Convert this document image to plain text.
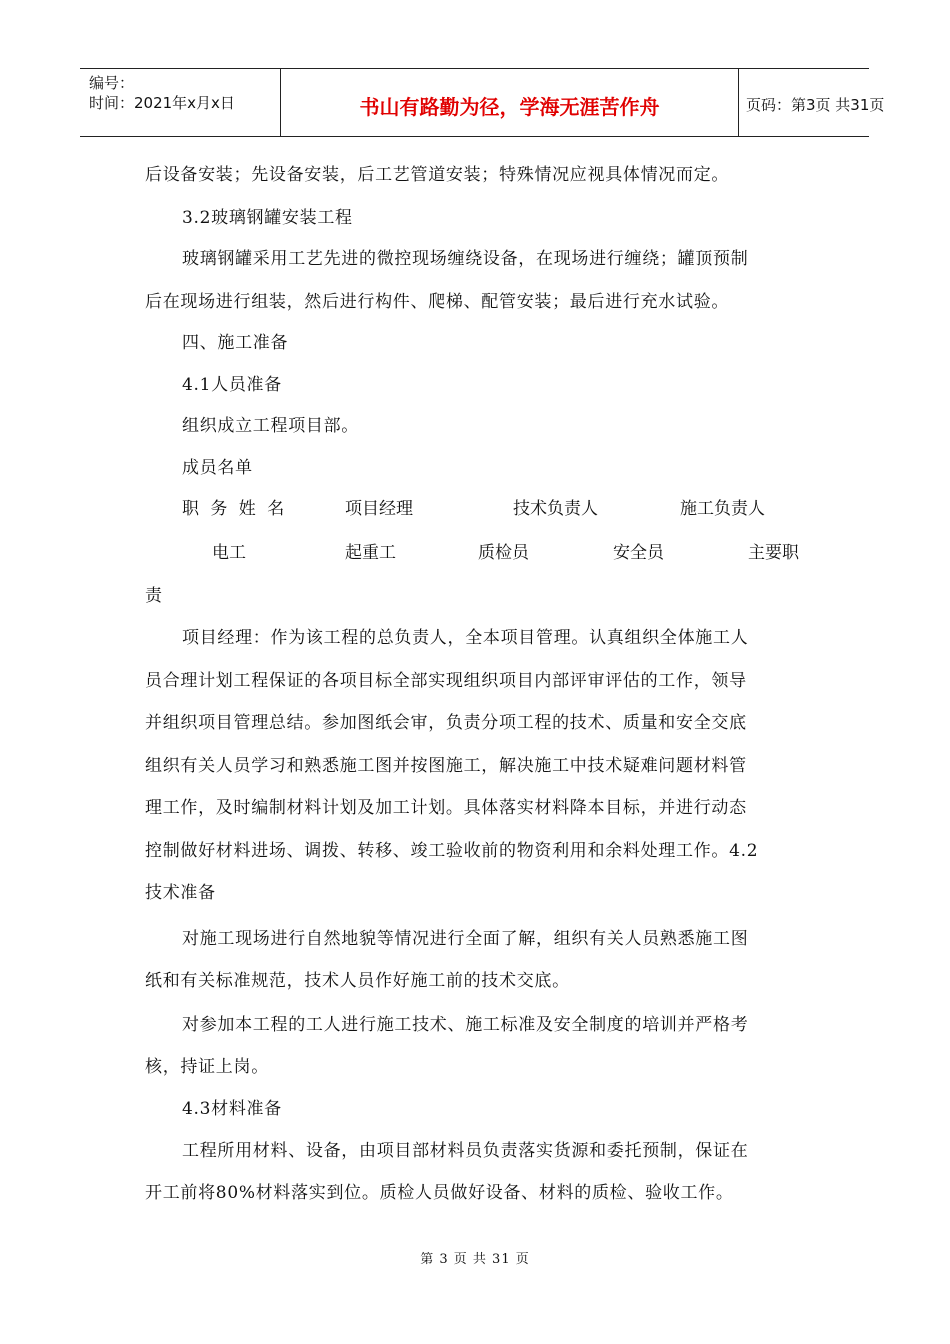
编号：
时间：2021年x月x日	书山有路勤为径，学海无涯苦作舟	页码：第3页 共31页
后设备安装；先设备安装，后工艺管道安装；特殊情况应视具体情况而定。
3.2玻璃钢罐安装工程
玻璃钢罐采用工艺先进的微控现场缠绕设备，在现场进行缠绕；罐顶预制
后在现场进行组装，然后进行构件、爬梯、配管安装；最后进行充水试验。
四、施工准备
4.1人员准备
组织成立工程项目部。
成员名单
职 务 姓 名	项目经理	技术负责人	施工负责人
电工	起重工	质检员	安全员	主要职
责
项目经理：作为该工程的总负责人，全本项目管理。认真组织全体施工人
员合理计划工程保证的各项目标全部实现组织项目内部评审评估的工作，领导
并组织项目管理总结。参加图纸会审，负责分项工程的技术、质量和安全交底
组织有关人员学习和熟悉施工图并按图施工，解决施工中技术疑难问题材料管
理工作，及时编制材料计划及加工计划。具体落实材料降本目标，并进行动态
控制做好材料进场、调拨、转移、竣工验收前的物资利用和余料处理工作。4.2
技术准备
对施工现场进行自然地貌等情况进行全面了解，组织有关人员熟悉施工图
纸和有关标准规范，技术人员作好施工前的技术交底。
对参加本工程的工人进行施工技术、施工标准及安全制度的培训并严格考
核，持证上岗。
4.3材料准备
工程所用材料、设备，由项目部材料员负责落实货源和委托预制，保证在
开工前将80%材料落实到位。质检人员做好设备、材料的质检、验收工作。
第 3 页 共 31 页
